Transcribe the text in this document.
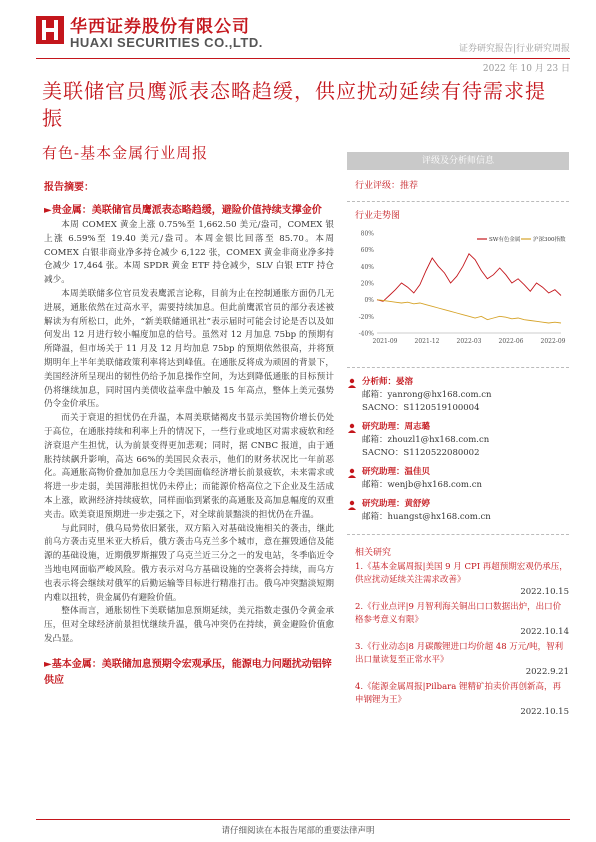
华西证券股份有限公司
HUAXI SECURITIES CO.,LTD.	证券研究报告|行业研究周报
2022 年 10 月 23 日
美联储官员鹰派表态略趋缓，供应扰动延续有待需求提振
有色-基本金属行业周报
报告摘要：
►贵金属：美联储官员鹰派表态略趋缓，避险价值持续支撑金价

本周 COMEX 黄金上涨 0.75%至 1,662.50 美元/盎司，COMEX 银上涨 6.59%至 19.40 美元/盎司。本周金银比回落至 85.70。本周 COMEX 白银非商业净多持仓减少 6,122 张，COMEX 黄金非商业净多持仓减少 17,464 张。本周 SPDR 黄金 ETF 持仓减少，SLV 白银 ETF 持仓减少。

本周美联储多位官员发表鹰派言论称，目前为止在控制通胀方面仍几无进展，通胀依然在过高水平，需要持续加息。但此前鹰派官员的部分表述被解读为有所松口，此外，“新美联储通讯社”表示届时可能会讨论是否以及如何发出 12 月进行较小幅度加息的信号。虽然对 12 月加息 75bp 的预期有所降温，但市场关于 11 月及 12 月均加息 75bp 的预期依然很高，并将预期明年上半年美联储政策利率将达到峰值。在通胀反将成为顽固的背景下，美国经济所呈现出的韧性仍给予加息操作空间，为达到降低通胀的目标预计仍将继续加息，同时国内美债收益率盘中触及 15 年高点，整体上美元强势仍令金价承压。

而关于衰退的担忧仍在升温，本周美联储褐皮书显示美国物价增长仍处于高位，在通胀持续和利率上升的情况下，一些行业或地区对需求疲软和经济衰退产生担忧，认为前景变得更加悲观；同时，据 CNBC 报道，由于通胀持续飙升影响，高达 66%的美国民众表示，他们的财务状况比一年前恶化。高通胀高物价叠加加息压力令美国面临经济增长前景疲软，未来需求或将进一步走弱，美国滞胀担忧仍未停止；而能源价格高位之下企业及生活成本上涨，欧洲经济持续疲软，同样面临到紧张的高通胀及高加息幅度的双重夹击。欧美衰退预期进一步走强之下，对全球前景黯淡的担忧仍在升温。

与此同时，俄乌局势依旧紧张，双方陷入对基础设施相关的袭击，继此前乌方袭击克里米亚大桥后，俄方袭击乌克兰多个城市，意在摧毁通信及能源的基础设施，近期俄罗斯摧毁了乌克兰近三分之一的发电站，冬季临近令当地电网面临严峻风险。俄方表示对乌方基础设施的空袭将会持续，而乌方也表示将会继续对俄军的后勤运输等目标进行精准打击。俄乌冲突黯淡短期内难以扭转，贵金属仍有避险价值。

整体而言，通胀韧性下美联储加息预期延续，美元指数走强仍令黄金承压，但对全球经济前景担忧继续升温，俄乌冲突仍在持续，黄金避险价值愈发凸显。

►基本金属：美联储加息预期令宏观承压，能源电力问题扰动铝锌供应
评级及分析师信息
行业评级：推荐
行业走势图
80%
60%
40%
20%
0%
-20%
-40%
2021-09	2021-12	2022-03	2022-06	2022-09
SW有色金属 沪深300指数
分析师：晏溶
邮箱：yanrong@hx168.com.cn
SACNO：S1120519100004
研究助理：周志璐
邮箱：zhouzl1@hx168.com.cn
SACNO：S1120522080002
研究助理：温佳贝
邮箱：wenjb@hx168.com.cn
研究助理：黄舒婷
邮箱：huangst@hx168.com.cn
相关研究
1.《基本金属周报|美国 9 月 CPI 再超预期宏观仍承压，供应扰动延续关注需求改善》
2022.10.15
2.《行业点评|9 月智利海关铜出口口数据出炉，出口价格参考意义有限》
2022.10.14
3.《行业动态|8 月碳酸锂进口均价超 48 万元/吨，智利出口量读复至正常水平》
2022.9.21
4.《能源金属周报|Pilbara 锂精矿拍卖价再创新高，再申钢锂为王》
2022.10.15
请仔细阅读在本报告尾部的重要法律声明
